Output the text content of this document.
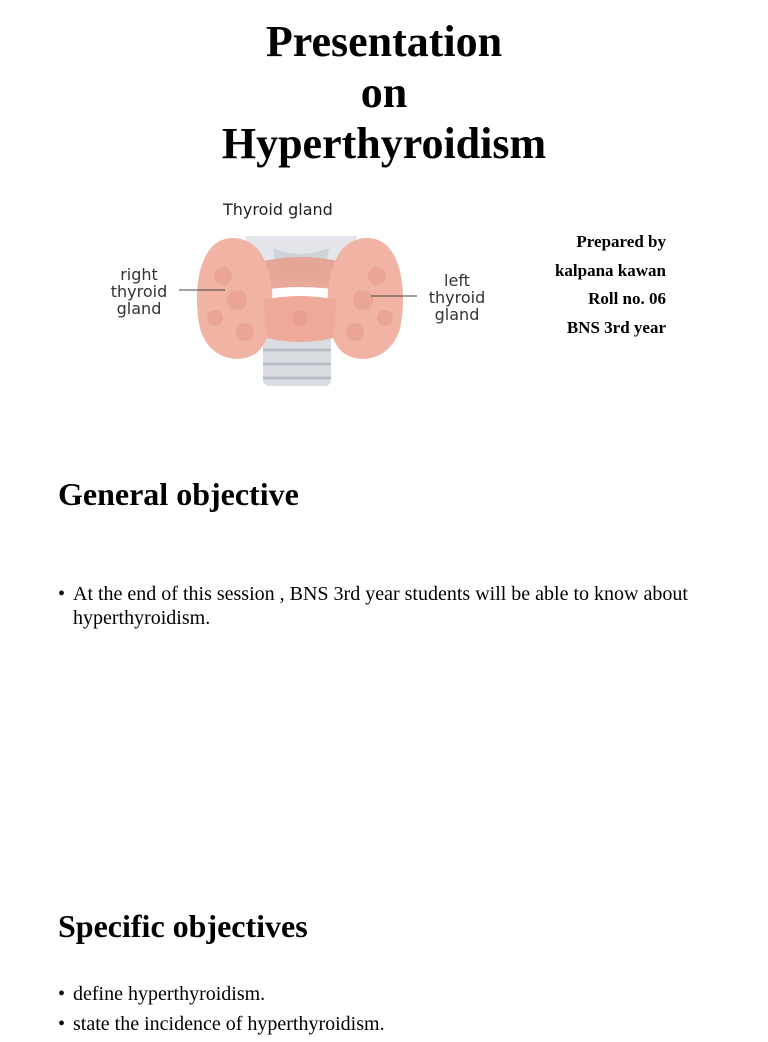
Presentation
on
Hyperthyroidism
Thyroid gland
right
thyroid
gland
left
thyroid
gland
Prepared by
kalpana kawan
Roll no. 06
BNS 3rd year
General objective
• At the end of this session , BNS 3rd year students will be able to know about hyperthyroidism.
Specific objectives
• define hyperthyroidism.
• state the incidence of hyperthyroidism.
